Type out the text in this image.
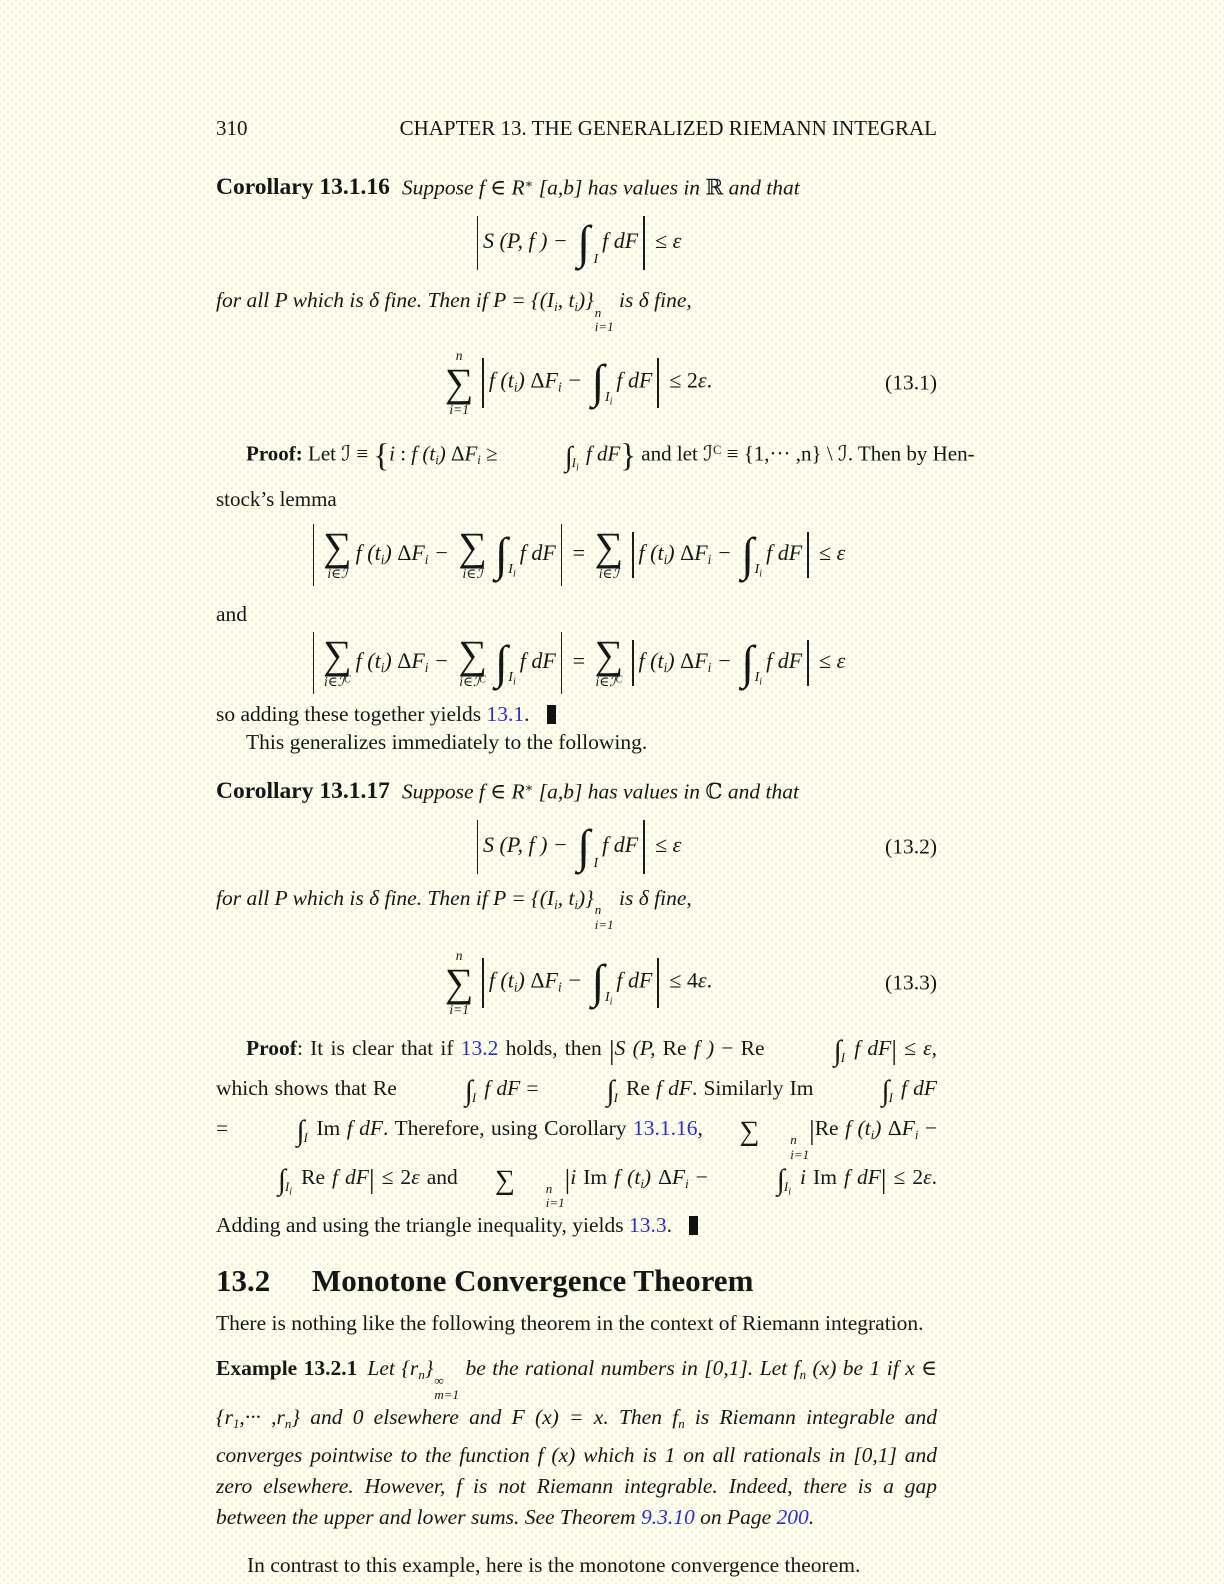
310	CHAPTER 13. THE GENERALIZED RIEMANN INTEGRAL

Corollary 13.1.16 Suppose f ∈ R∗ [a,b] has values in ℝ and that

S (P, f ) − ∫ I
f dF ≤ ε

for all P which is δ fine. Then if P = {(Ii, ti)} n
i=1
is δ fine,

n
∑
i=1
f (ti) ΔFi − ∫ $I_i$
f dF ≤ 2ε.	(13.1)
Proof: Let ℐ ≡ {i : f (ti) $\Delta Fi \ge \int_{I_i}$ f dF} and let ℐ$^C$ ≡ {1,··· ,n} \ ℐ. Then by Hen-
stock’s lemma
∑
i∈ℐ
f (ti) ΔFi − ∑
i∈ℐ ∫ $I_i$
f dF = ∑
i∈ℐ
f (ti) ΔFi − ∫ $I_i$
f dF ≤ ε

and

∑
i∈ℐ$^C$
f (ti) ΔFi − ∑
i∈ℐ$^C$ ∫ $I_i$
f dF = ∑
i∈ℐ$^C$
f (ti) ΔFi − ∫ $I_i$
f dF ≤ ε

so adding these together yields 13.1.

This generalizes immediately to the following.

Corollary 13.1.17 Suppose f ∈ R∗ [a,b] has values in ℂ and that

S (P, f ) − ∫ I
f dF ≤ ε	(13.2)

for all P which is δ fine. Then if P = {(Ii, ti)} n
i=1
is δ fine,

n
∑
i=1
f (ti) ΔFi − ∫ $I_i$
f dF ≤ 4ε.	(13.3)

Proof: It is clear that if 13.2 holds, then |S (P, Re f ) − Re $\int_I$ f dF| ≤ ε, which shows that Re $\int_I$ f dF = $\int_I$ Re f dF. Similarly Im $\int_I$ f dF = $\int_I$ Im f dF. Therefore, using Corollary 13.1.16, ∑	n
i=1
|Re f (ti) $\Delta Fi - \int_{I_i}$ Re f dF| ≤ 2ε and ∑	n
i=1
|i Im f (ti) $\Delta Fi - \int_{I_i}$ i Im f dF| ≤ 2ε. Adding and using the triangle inequality, yields 13.3.

13.2 Monotone Convergence Theorem

There is nothing like the following theorem in the context of Riemann integration.

Example 13.2.1 Let {rn} ∞
m=1
be the rational numbers in [0,1]. Let fn (x) be 1 if x ∈ {r1,··· ,rn} and 0 elsewhere and F (x) = x. Then fn is Riemann integrable and converges pointwise to the function f (x) which is 1 on all rationals in [0,1] and zero elsewhere. However, f is not Riemann integrable. Indeed, there is a gap between the upper and lower sums. See Theorem 9.3.10 on Page 200.

In contrast to this example, here is the monotone convergence theorem.
